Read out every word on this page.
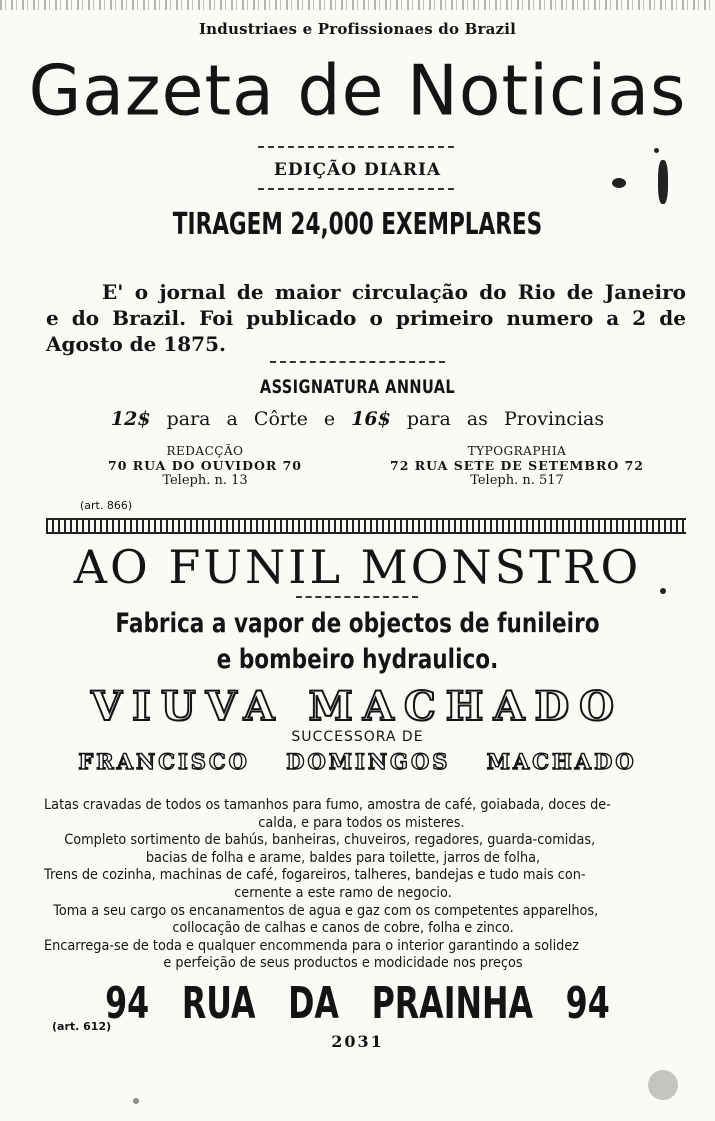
Industriaes e Profissionaes do Brazil
Gazeta de Noticias
EDIÇÃO DIARIA
TIRAGEM 24,000 EXEMPLARES
E' o jornal de maior circulação do Rio de Janeiro
e do Brazil. Foi publicado o primeiro numero a 2 de
Agosto de 1875.
ASSIGNATURA ANNUAL
12$ para a Côrte e 16$ para as Provincias
REDACÇÃO
70 RUA DO OUVIDOR 70
Teleph. n. 13
TYPOGRAPHIA
72 RUA SETE DE SETEMBRO 72
Teleph. n. 517
(art. 866)
AO FUNIL MONSTRO
Fabrica a vapor de objectos de funileiro
e bombeiro hydraulico.
VIUVA MACHADO
SUCCESSORA DE
FRANCISCO DOMINGOS MACHADO
Latas cravadas de todos os tamanhos para fumo, amostra de café, goiabada, doces de-
calda, e para todos os misteres.
Completo sortimento de bahús, banheiras, chuveiros, regadores, guarda-comidas,
bacias de folha e arame, baldes para toilette, jarros de folha,
Trens de cozinha, machinas de café, fogareiros, talheres, bandejas e tudo mais con-
cernente a este ramo de negocio.
Toma a seu cargo os encanamentos de agua e gaz com os competentes apparelhos,
collocação de calhas e canos de cobre, folha e zinco.
Encarrega-se de toda e qualquer encommenda para o interior garantindo a solidez
e perfeição de seus productos e modicidade nos preços
94 RUA DA PRAINHA 94
(art. 612)
2031
